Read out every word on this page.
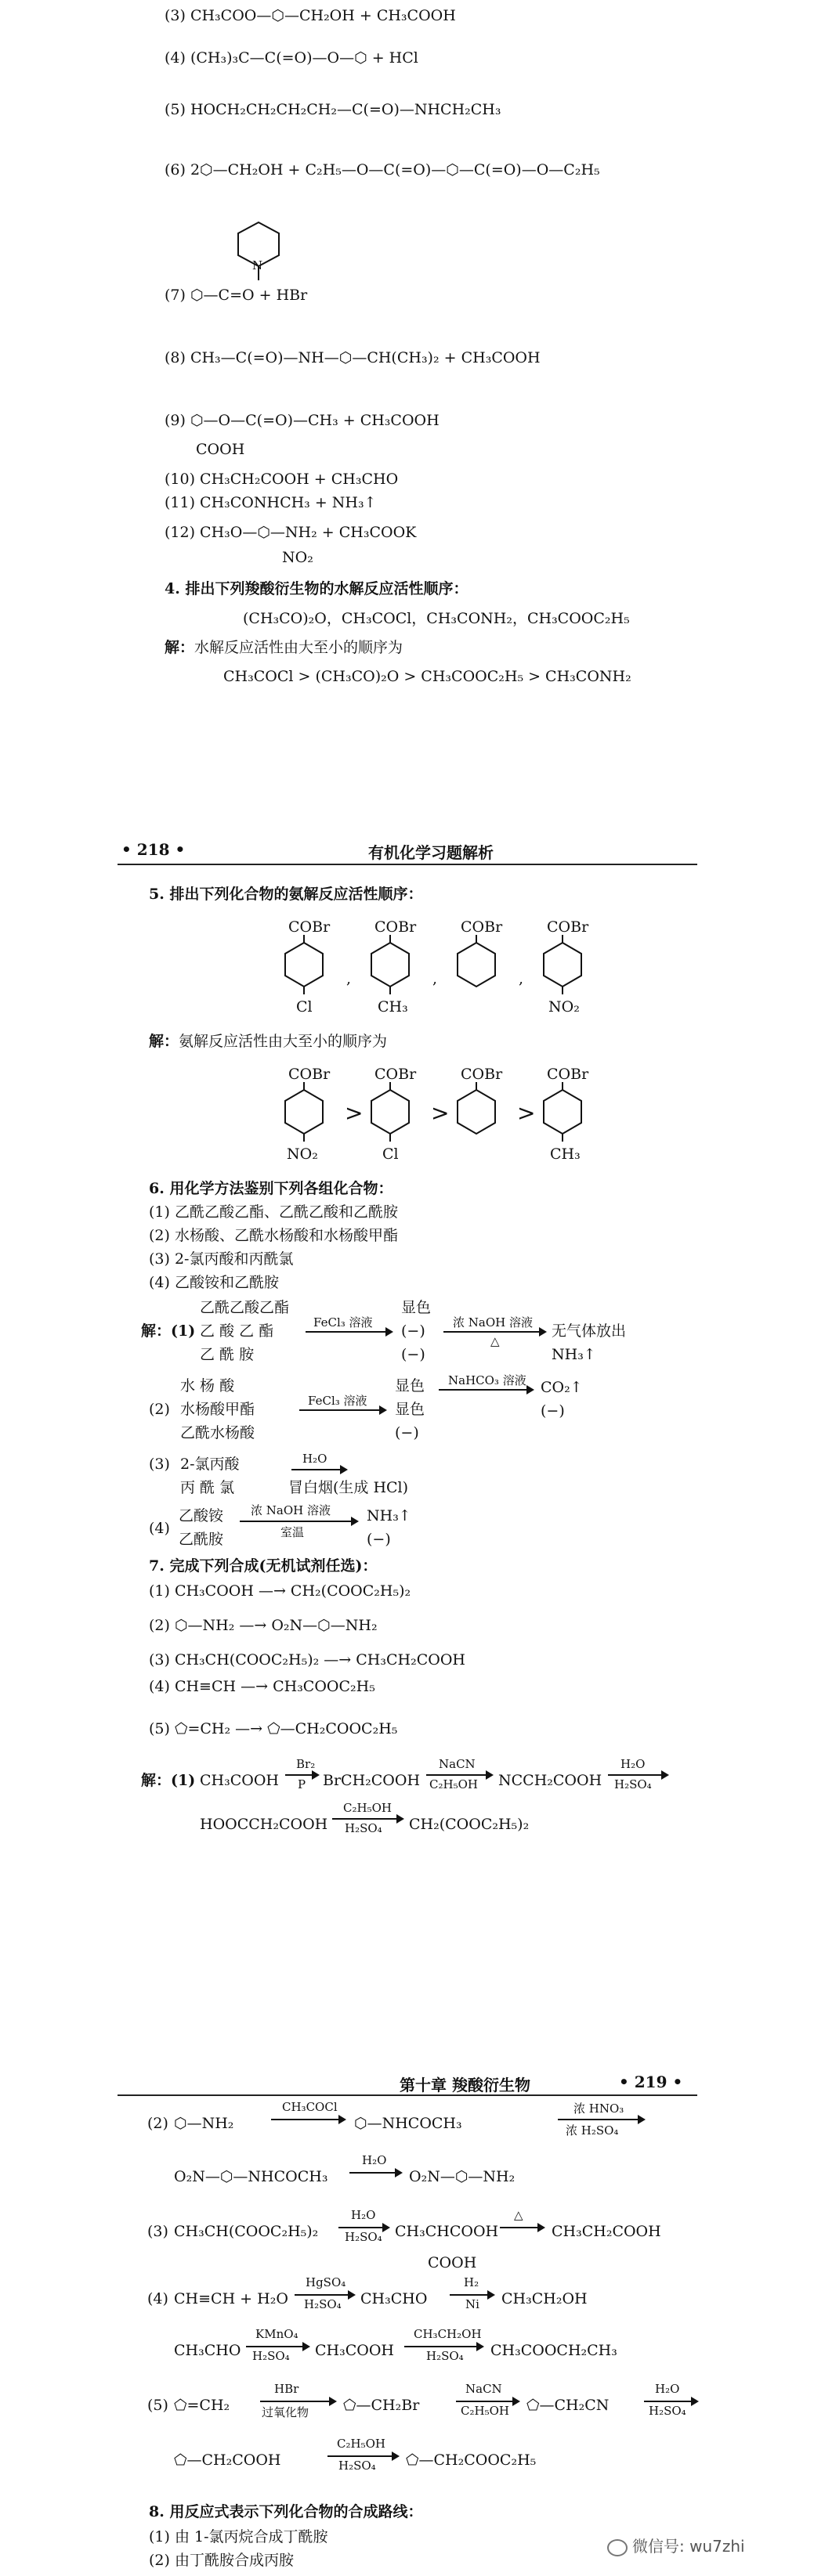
(3) CH₃COO—⬡—CH₂OH + CH₃COOH
(4) (CH₃)₃C—C(=O)—O—⬡ + HCl
(5) HOCH₂CH₂CH₂CH₂—C(=O)—NHCH₂CH₃
(6) 2⬡—CH₂OH + C₂H₅—O—C(=O)—⬡—C(=O)—O—C₂H₅
N
(7) ⬡—C=O + HBr
(8) CH₃—C(=O)—NH—⬡—CH(CH₃)₂ + CH₃COOH
(9) ⬡—O—C(=O)—CH₃ + CH₃COOH
COOH
(10) CH₃CH₂COOH + CH₃CHO
(11) CH₃CONHCH₃ + NH₃↑
(12) CH₃O—⬡—NH₂ + CH₃COOK
NO₂
4. 排出下列羧酸衍生物的水解反应活性顺序：
(CH₃CO)₂O，CH₃COCl，CH₃CONH₂，CH₃COOC₂H₅
解：水解反应活性由大至小的顺序为
CH₃COCl > (CH₃CO)₂O > CH₃COOC₂H₅ > CH₃CONH₂
• 218 •	有机化学习题解析
5. 排出下列化合物的氨解反应活性顺序：
COBr
Cl
,
COBr
CH₃
,
COBr
,
COBr
NO₂
解：氨解反应活性由大至小的顺序为
COBr
NO₂
>
COBr
Cl
>
COBr
>
COBr
CH₃
6. 用化学方法鉴别下列各组化合物：
(1) 乙酰乙酸乙酯、乙酰乙酸和乙酰胺
(2) 水杨酸、乙酰水杨酸和水杨酸甲酯
(3) 2-氯丙酸和丙酰氯
(4) 乙酸铵和乙酰胺
乙酰乙酸乙酯
解：(1) 乙 酸 乙 酯
乙 酰 胺
FeCl₃ 溶液
显色
(−)
(−)
浓 NaOH 溶液
△
无气体放出
NH₃↑
水 杨 酸
(2) 水杨酸甲酯
乙酰水杨酸
FeCl₃ 溶液
显色
显色
(−)
NaHCO₃ 溶液 CO₂↑
(−)
(3) 2-氯丙酸
丙 酰 氯
H₂O
冒白烟(生成 HCl)
乙酸铵
(4)
乙酰胺
浓 NaOH 溶液
室温
NH₃↑
(−)
7. 完成下列合成(无机试剂任选)：
(1) CH₃COOH —→ CH₂(COOC₂H₅)₂
(2) ⬡—NH₂ —→ O₂N—⬡—NH₂
(3) CH₃CH(COOC₂H₅)₂ —→ CH₃CH₂COOH
(4) CH≡CH —→ CH₃COOC₂H₅
(5) ⬠=CH₂ —→ ⬠—CH₂COOC₂H₅
解：(1) CH₃COOH
Br₂
P BrCH₂COOH
NaCN
C₂H₅OH NCCH₂COOH
H₂O
H₂SO₄
HOOCCH₂COOH
C₂H₅OH
H₂SO₄ CH₂(COOC₂H₅)₂
第十章 羧酸衍生物	• 219 •
(2) ⬡—NH₂
CH₃COCl
⬡—NHCOCH₃
浓 HNO₃
浓 H₂SO₄
O₂N—⬡—NHCOCH₃
H₂O
O₂N—⬡—NH₂
(3) CH₃CH(COOC₂H₅)₂
H₂O
H₂SO₄ CH₃CHCOOH
COOH
△
→ CH₃CH₂COOH
(4) CH≡CH + H₂O
HgSO₄
H₂SO₄ CH₃CHO
H₂
Ni CH₃CH₂OH
CH₃CHO
KMnO₄
H₂SO₄ CH₃COOH
CH₃CH₂OH
H₂SO₄ CH₃COOCH₂CH₃
(5) ⬠=CH₂
HBr
过氧化物 ⬠—CH₂Br
NaCN
C₂H₅OH ⬠—CH₂CN
H₂O
H₂SO₄
⬠—CH₂COOH
C₂H₅OH
H₂SO₄ ⬠—CH₂COOC₂H₅
8. 用反应式表示下列化合物的合成路线：
(1) 由 1-氯丙烷合成丁酰胺
(2) 由丁酰胺合成丙胺
微信号: wu7zhi
